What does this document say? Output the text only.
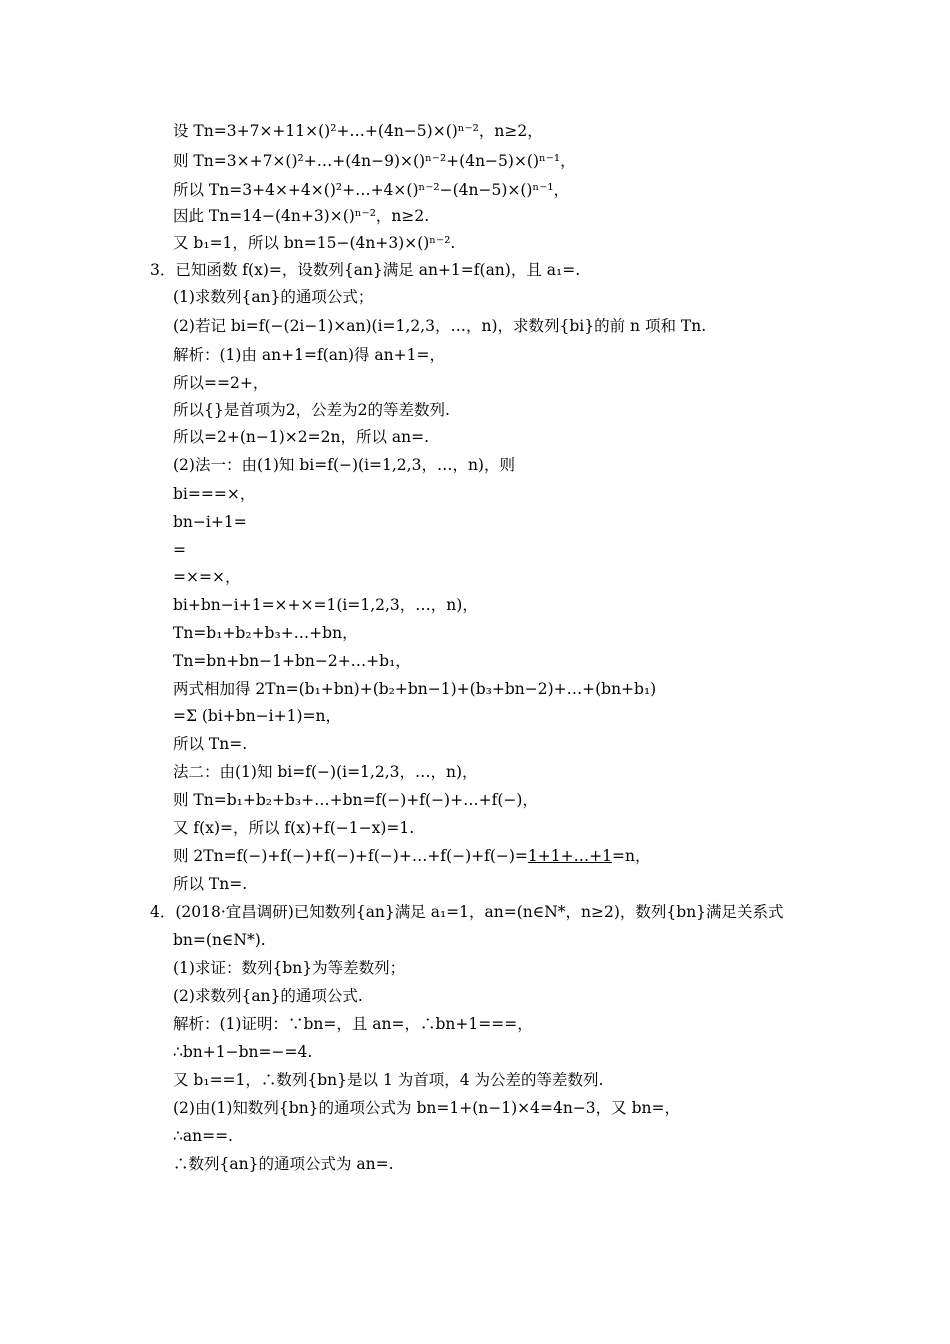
设 Tn=3+7×+11×()²+…+(4n−5)×()ⁿ⁻²，n≥2，
则 Tn=3×+7×()²+…+(4n−9)×()ⁿ⁻²+(4n−5)×()ⁿ⁻¹，
所以 Tn=3+4×+4×()²+…+4×()ⁿ⁻²−(4n−5)×()ⁿ⁻¹，
因此 Tn=14−(4n+3)×()ⁿ⁻²，n≥2.
又 b₁=1，所以 bn=15−(4n+3)×()ⁿ⁻².
3．已知函数 f(x)=，设数列{an}满足 an+1=f(an)，且 a₁=.
(1)求数列{an}的通项公式；
(2)若记 bi=f(−(2i−1)×an)(i=1,2,3，…，n)，求数列{bi}的前 n 项和 Tn.
解析：(1)由 an+1=f(an)得 an+1=，
所以==2+，
所以{}是首项为2，公差为2的等差数列.
所以=2+(n−1)×2=2n，所以 an=.
(2)法一：由(1)知 bi=f(−)(i=1,2,3，…，n)，则
bi===×，
bn−i+1=
=
=×=×，
bi+bn−i+1=×+×=1(i=1,2,3，…，n)，
Tn=b₁+b₂+b₃+…+bn，
Tn=bn+bn−1+bn−2+…+b₁，
两式相加得 2Tn=(b₁+bn)+(b₂+bn−1)+(b₃+bn−2)+…+(bn+b₁)
=Σ (bi+bn−i+1)=n，
所以 Tn=.
法二：由(1)知 bi=f(−)(i=1,2,3，…，n)，
则 Tn=b₁+b₂+b₃+…+bn=f(−)+f(−)+…+f(−)，
又 f(x)=，所以 f(x)+f(−1−x)=1.
则 2Tn=f(−)+f(−)+f(−)+f(−)+…+f(−)+f(−)=1+1+…+1=n，
所以 Tn=.
4．(2018·宜昌调研)已知数列{an}满足 a₁=1，an=(n∈N*，n≥2)，数列{bn}满足关系式
bn=(n∈N*).
(1)求证：数列{bn}为等差数列；
(2)求数列{an}的通项公式.
解析：(1)证明：∵bn=，且 an=，∴bn+1===，
∴bn+1−bn=−=4.
又 b₁==1，∴数列{bn}是以 1 为首项，4 为公差的等差数列.
(2)由(1)知数列{bn}的通项公式为 bn=1+(n−1)×4=4n−3，又 bn=，
∴an==.
∴数列{an}的通项公式为 an=.
